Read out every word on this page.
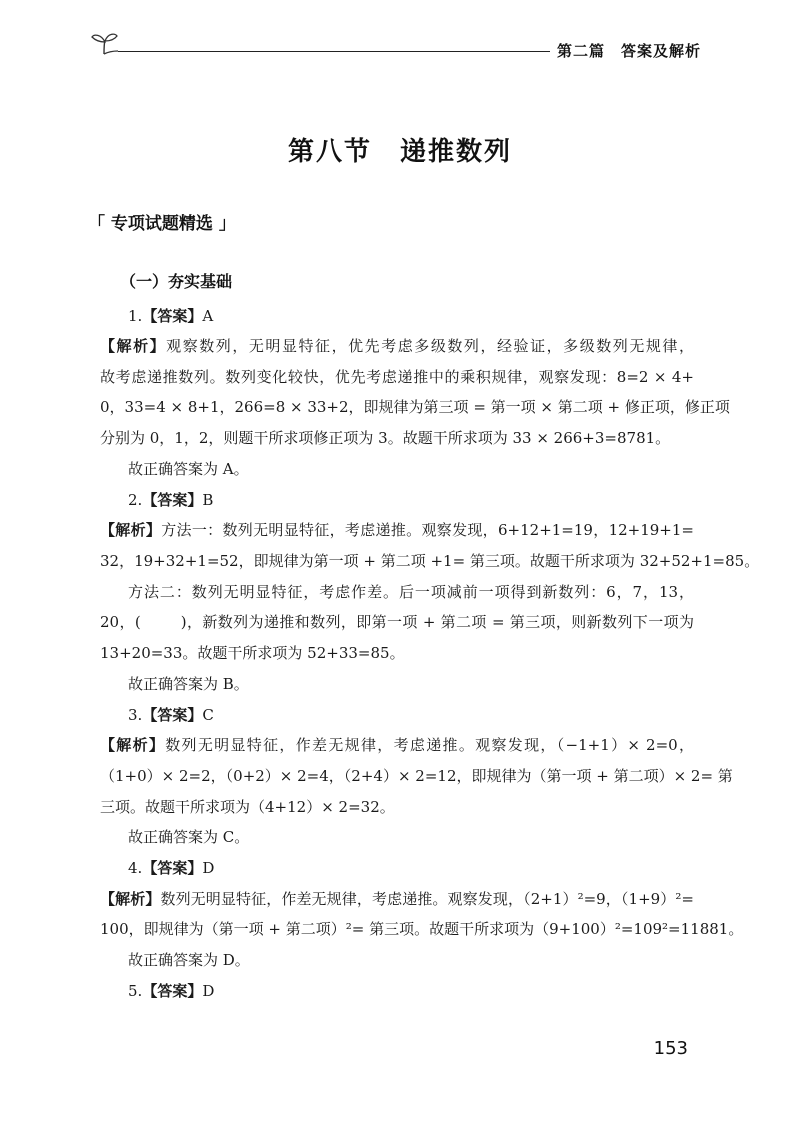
第二篇　答案及解析
第八节　递推数列
「 专项试题精选 」
（一）夯实基础
1.【答案】A
【解析】观察数列，无明显特征，优先考虑多级数列，经验证，多级数列无规律，
故考虑递推数列。数列变化较快，优先考虑递推中的乘积规律，观察发现：8=2 × 4+
0，33=4 × 8+1，266=8 × 33+2，即规律为第三项 = 第一项 × 第二项 + 修正项，修正项
分别为 0，1，2，则题干所求项修正项为 3。故题干所求项为 33 × 266+3=8781。
故正确答案为 A。
2.【答案】B
【解析】方法一：数列无明显特征，考虑递推。观察发现，6+12+1=19，12+19+1=
32，19+32+1=52，即规律为第一项 + 第二项 +1= 第三项。故题干所求项为 32+52+1=85。
方法二：数列无明显特征，考虑作差。后一项减前一项得到新数列：6，7，13，
20，(	)，新数列为递推和数列，即第一项 + 第二项 = 第三项，则新数列下一项为
13+20=33。故题干所求项为 52+33=85。
故正确答案为 B。
3.【答案】C
【解析】数列无明显特征，作差无规律，考虑递推。观察发现，（−1+1）× 2=0，
（1+0）× 2=2，（0+2）× 2=4，（2+4）× 2=12，即规律为（第一项 + 第二项）× 2= 第
三项。故题干所求项为（4+12）× 2=32。
故正确答案为 C。
4.【答案】D
【解析】数列无明显特征，作差无规律，考虑递推。观察发现，（2+1）²=9，（1+9）²=
100，即规律为（第一项 + 第二项）²= 第三项。故题干所求项为（9+100）²=109²=11881。
故正确答案为 D。
5.【答案】D
153
